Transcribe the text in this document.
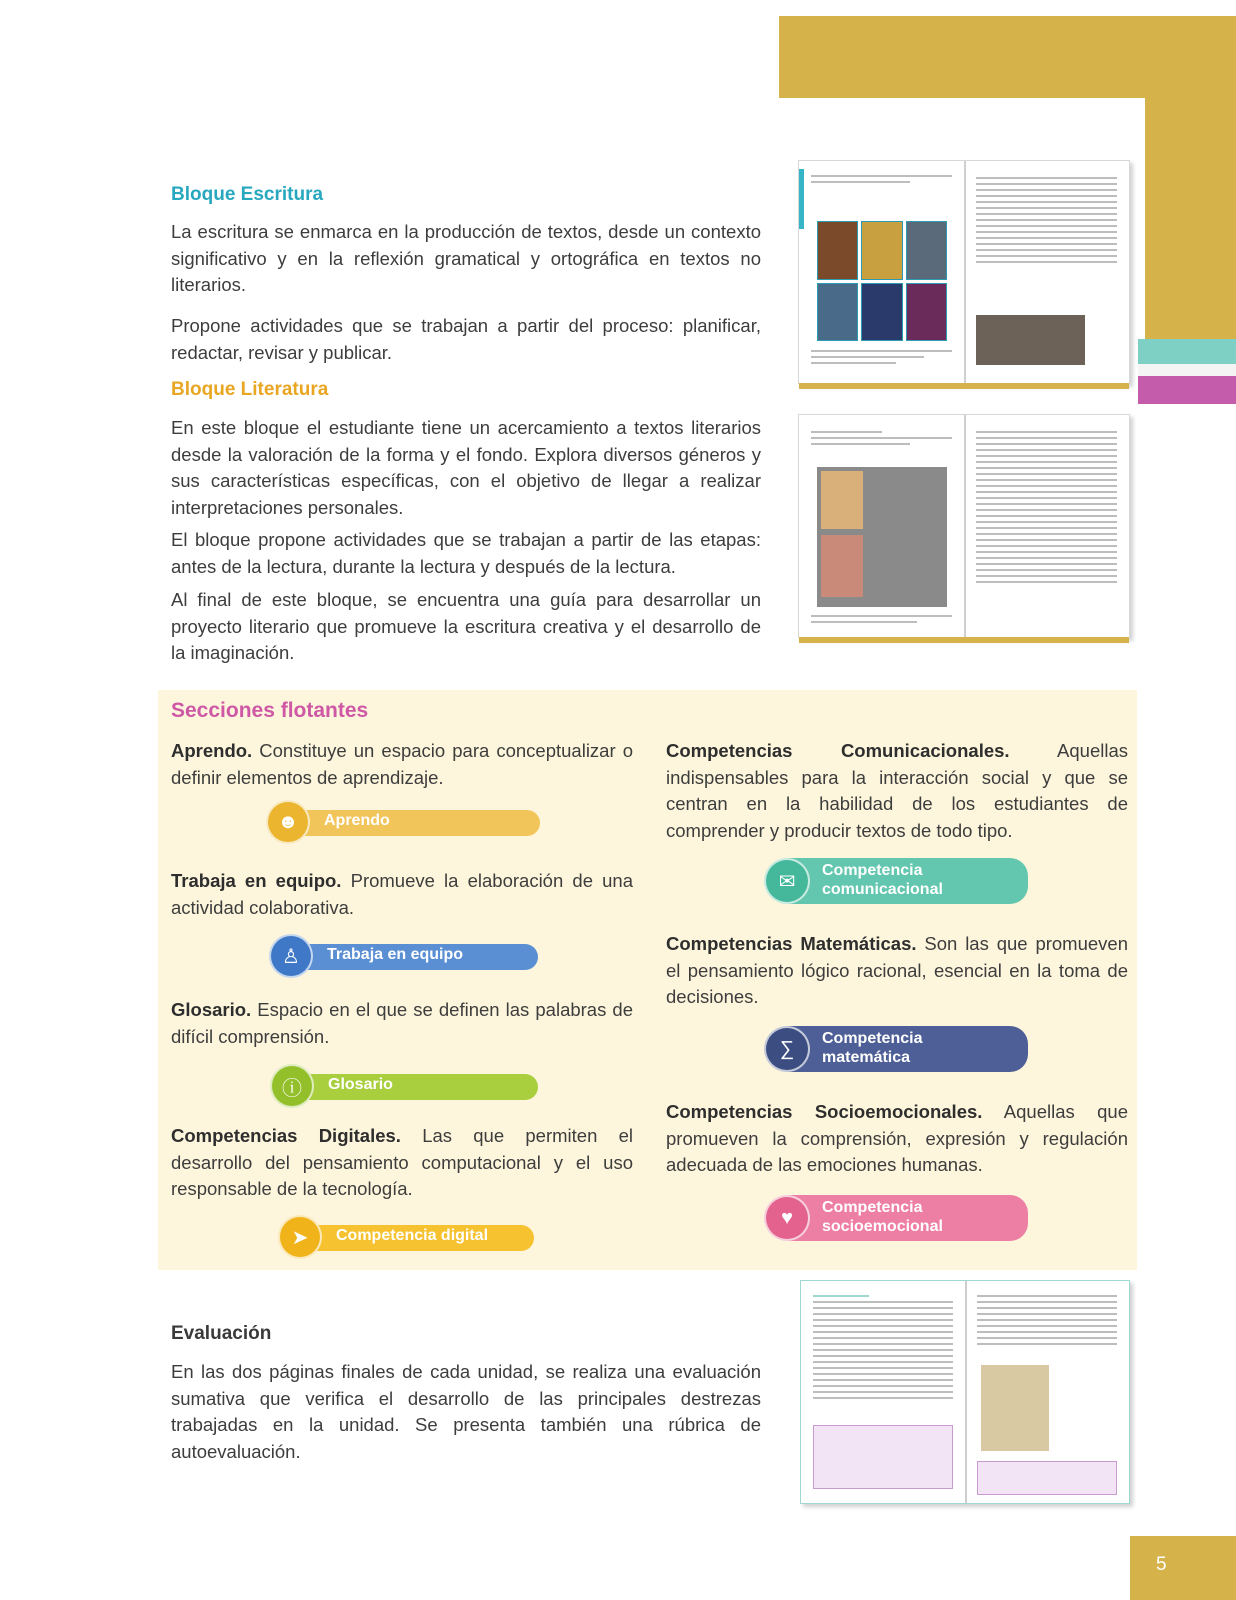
Bloque Escritura
La escritura se enmarca en la producción de textos, desde un contexto significativo y en la reflexión gramatical y ortográfica en textos no literarios.
Propone actividades que se trabajan a partir del proceso: planificar, redactar, revisar y publicar.
Bloque Literatura
En este bloque el estudiante tiene un acercamiento a textos literarios desde la valoración de la forma y el fondo. Explora diversos géneros y sus características específicas, con el objetivo de llegar a realizar interpretaciones personales.
El bloque propone actividades que se trabajan a partir de las etapas: antes de la lectura, durante la lectura y después de la lectura.
Al final de este bloque, se encuentra una guía para desarrollar un proyecto literario que promueve la escritura creativa y el desarrollo de la imaginación.
Secciones flotantes
Aprendo. Constituye un espacio para conceptualizar o definir elementos de aprendizaje.
☻	Aprendo
Trabaja en equipo. Promueve la elaboración de una actividad colaborativa.
♙	Trabaja en equipo
Glosario. Espacio en el que se definen las palabras de difícil comprensión.
ⓘ	Glosario
Competencias Digitales. Las que permiten el desarrollo del pensamiento computacional y el uso responsable de la tecnología.
➤	Competencia digital
Competencias Comunicacionales. Aquellas indispensables para la interacción social y que se centran en la habilidad de los estudiantes de comprender y producir textos de todo tipo.
✉	Competencia comunicacional
Competencias Matemáticas. Son las que promueven el pensamiento lógico racional, esencial en la toma de decisiones.
∑	Competencia matemática
Competencias Socioemocionales. Aquellas que promueven la comprensión, expresión y regulación adecuada de las emociones humanas.
♥	Competencia socioemocional
Evaluación
En las dos páginas finales de cada unidad, se realiza una evaluación sumativa que verifica el desarrollo de las principales destrezas trabajadas en la unidad. Se presenta también una rúbrica de autoevaluación.
5
